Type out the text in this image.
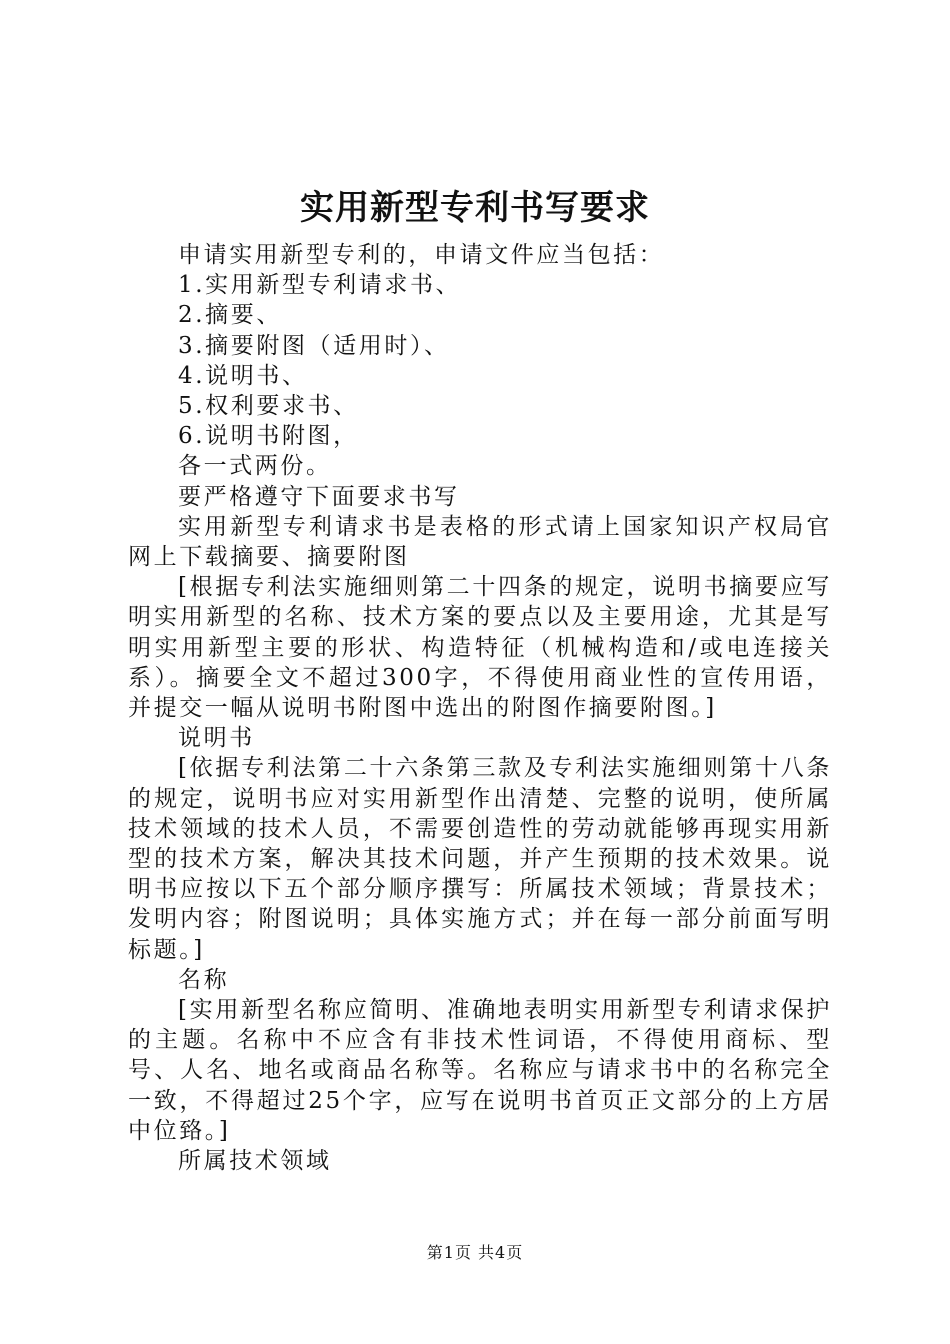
实用新型专利书写要求

申请实用新型专利的，申请文件应当包括：

1.实用新型专利请求书、

2.摘要、

3.摘要附图（适用时）、

4.说明书、

5.权利要求书、

6.说明书附图，

各一式两份。

要严格遵守下面要求书写

实用新型专利请求书是表格的形式请上国家知识产权局官网上下载摘要、摘要附图

[根据专利法实施细则第二十四条的规定，说明书摘要应写明实用新型的名称、技术方案的要点以及主要用途，尤其是写明实用新型主要的形状、构造特征（机械构造和/或电连接关系）。摘要全文不超过300字，不得使用商业性的宣传用语，并提交一幅从说明书附图中选出的附图作摘要附图。]

说明书

[依据专利法第二十六条第三款及专利法实施细则第十八条的规定，说明书应对实用新型作出清楚、完整的说明，使所属技术领域的技术人员，不需要创造性的劳动就能够再现实用新型的技术方案，解决其技术问题，并产生预期的技术效果。说明书应按以下五个部分顺序撰写：所属技术领域；背景技术；发明内容；附图说明；具体实施方式；并在每一部分前面写明标题。]

名称

[实用新型名称应简明、准确地表明实用新型专利请求保护的主题。名称中不应含有非技术性词语，不得使用商标、型号、人名、地名或商品名称等。名称应与请求书中的名称完全一致，不得超过25个字，应写在说明书首页正文部分的上方居中位臵。]

所属技术领域

第1页 共4页
